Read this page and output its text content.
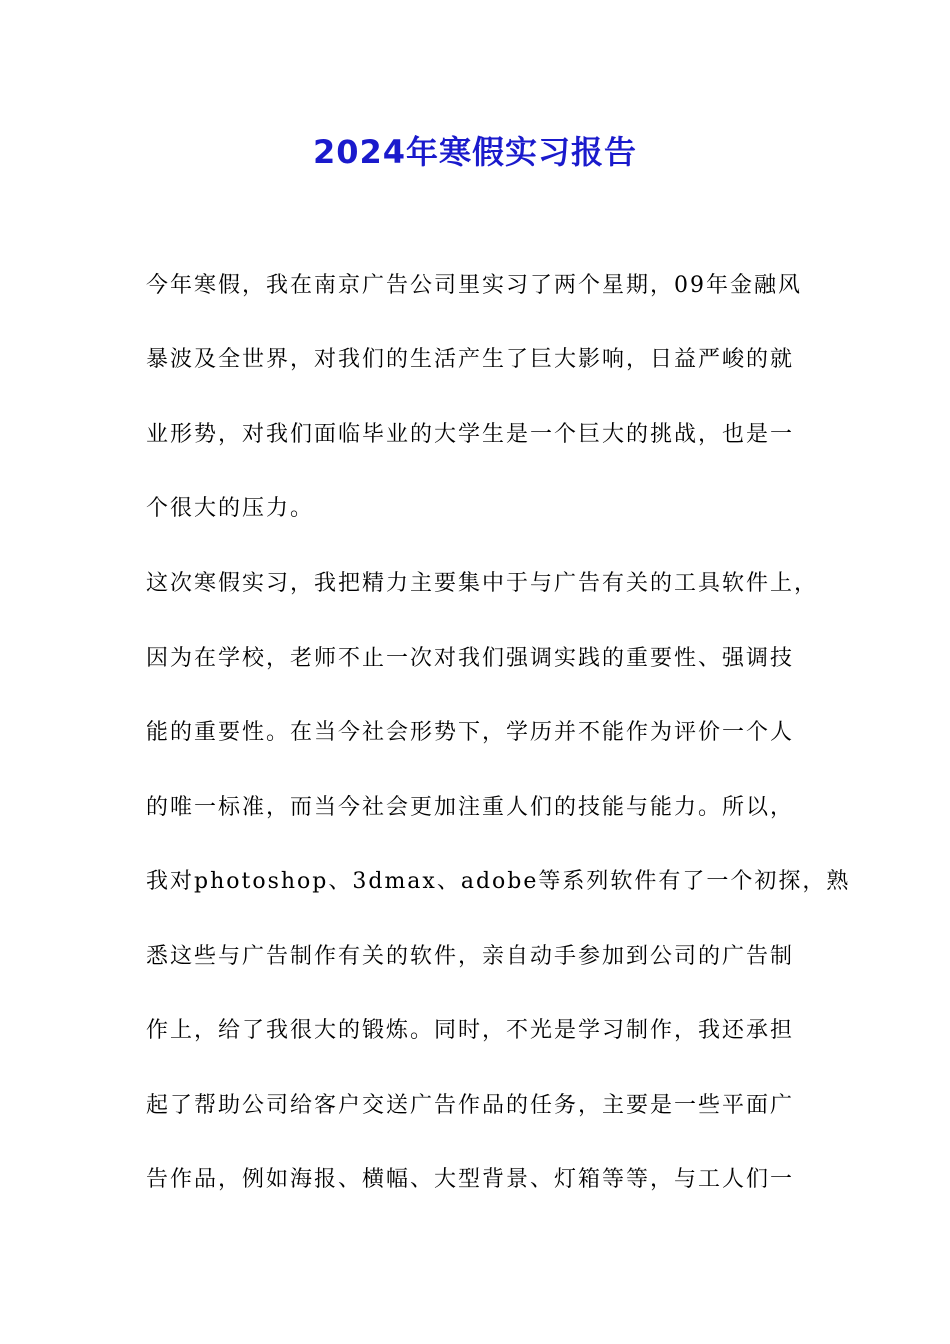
2024年寒假实习报告
今年寒假，我在南京广告公司里实习了两个星期，09年金融风
暴波及全世界，对我们的生活产生了巨大影响，日益严峻的就
业形势，对我们面临毕业的大学生是一个巨大的挑战，也是一
个很大的压力。
这次寒假实习，我把精力主要集中于与广告有关的工具软件上，
因为在学校，老师不止一次对我们强调实践的重要性、强调技
能的重要性。在当今社会形势下，学历并不能作为评价一个人
的唯一标准，而当今社会更加注重人们的技能与能力。所以，
我对photoshop、3dmax、adobe等系列软件有了一个初探，熟
悉这些与广告制作有关的软件，亲自动手参加到公司的广告制
作上，给了我很大的锻炼。同时，不光是学习制作，我还承担
起了帮助公司给客户交送广告作品的任务，主要是一些平面广
告作品，例如海报、横幅、大型背景、灯箱等等，与工人们一
